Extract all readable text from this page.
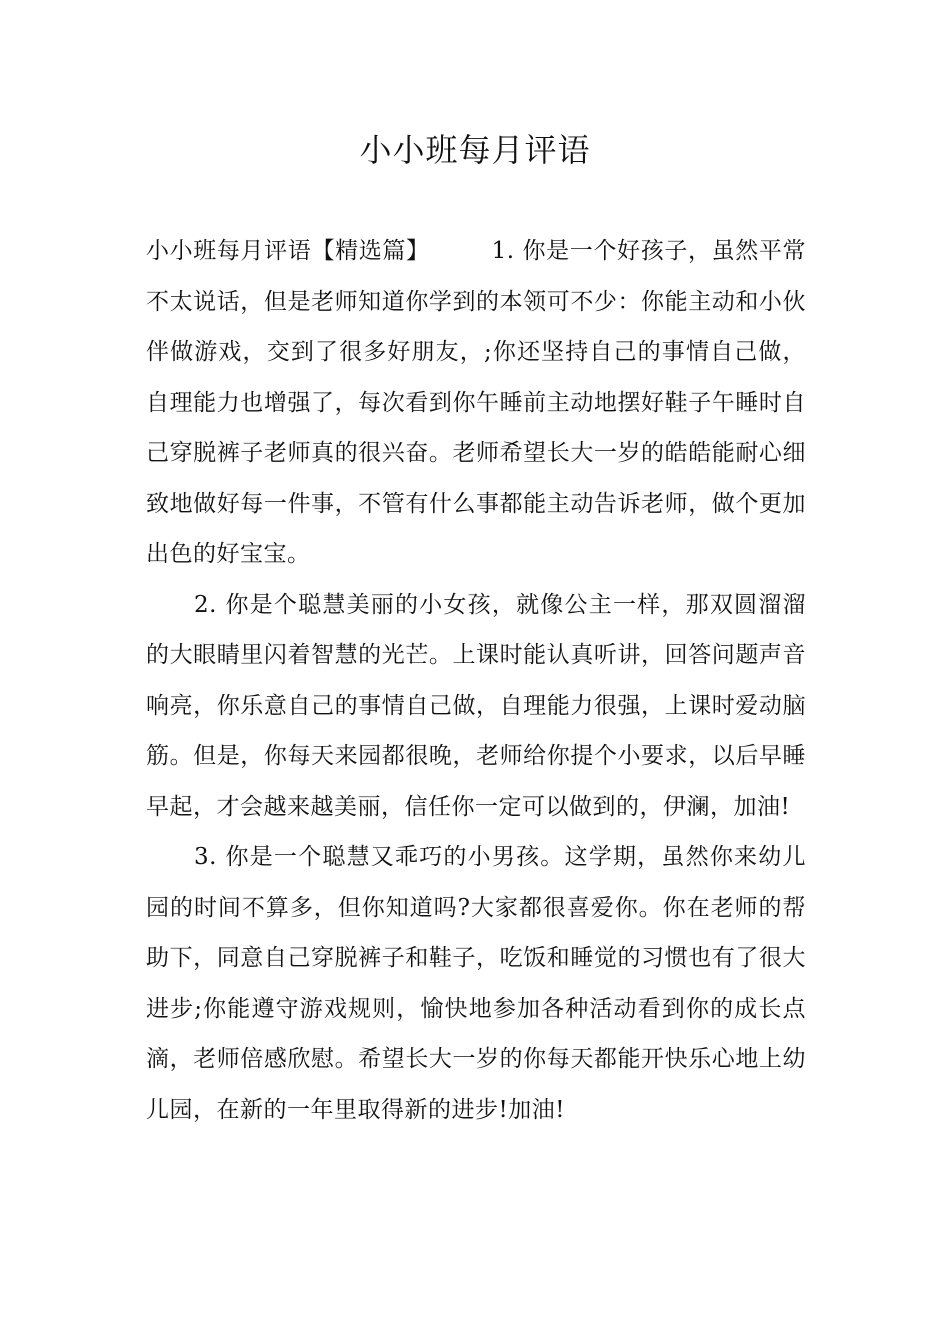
小小班每月评语

小小班每月评语【精选篇】	1. 你是一个好孩子，虽然平常不太说话，但是老师知道你学到的本领可不少：你能主动和小伙伴做游戏，交到了很多好朋友，;你还坚持自己的事情自己做，自理能力也增强了，每次看到你午睡前主动地摆好鞋子午睡时自己穿脱裤子老师真的很兴奋。老师希望长大一岁的皓皓能耐心细致地做好每一件事，不管有什么事都能主动告诉老师，做个更加出色的好宝宝。

2. 你是个聪慧美丽的小女孩，就像公主一样，那双圆溜溜的大眼睛里闪着智慧的光芒。上课时能认真听讲，回答问题声音响亮，你乐意自己的事情自己做，自理能力很强，上课时爱动脑筋。但是，你每天来园都很晚，老师给你提个小要求，以后早睡早起，才会越来越美丽，信任你一定可以做到的，伊澜，加油!

3. 你是一个聪慧又乖巧的小男孩。这学期，虽然你来幼儿园的时间不算多，但你知道吗?大家都很喜爱你。你在老师的帮助下，同意自己穿脱裤子和鞋子，吃饭和睡觉的习惯也有了很大进步;你能遵守游戏规则，愉快地参加各种活动看到你的成长点滴，老师倍感欣慰。希望长大一岁的你每天都能开快乐心地上幼儿园，在新的一年里取得新的进步!加油!
